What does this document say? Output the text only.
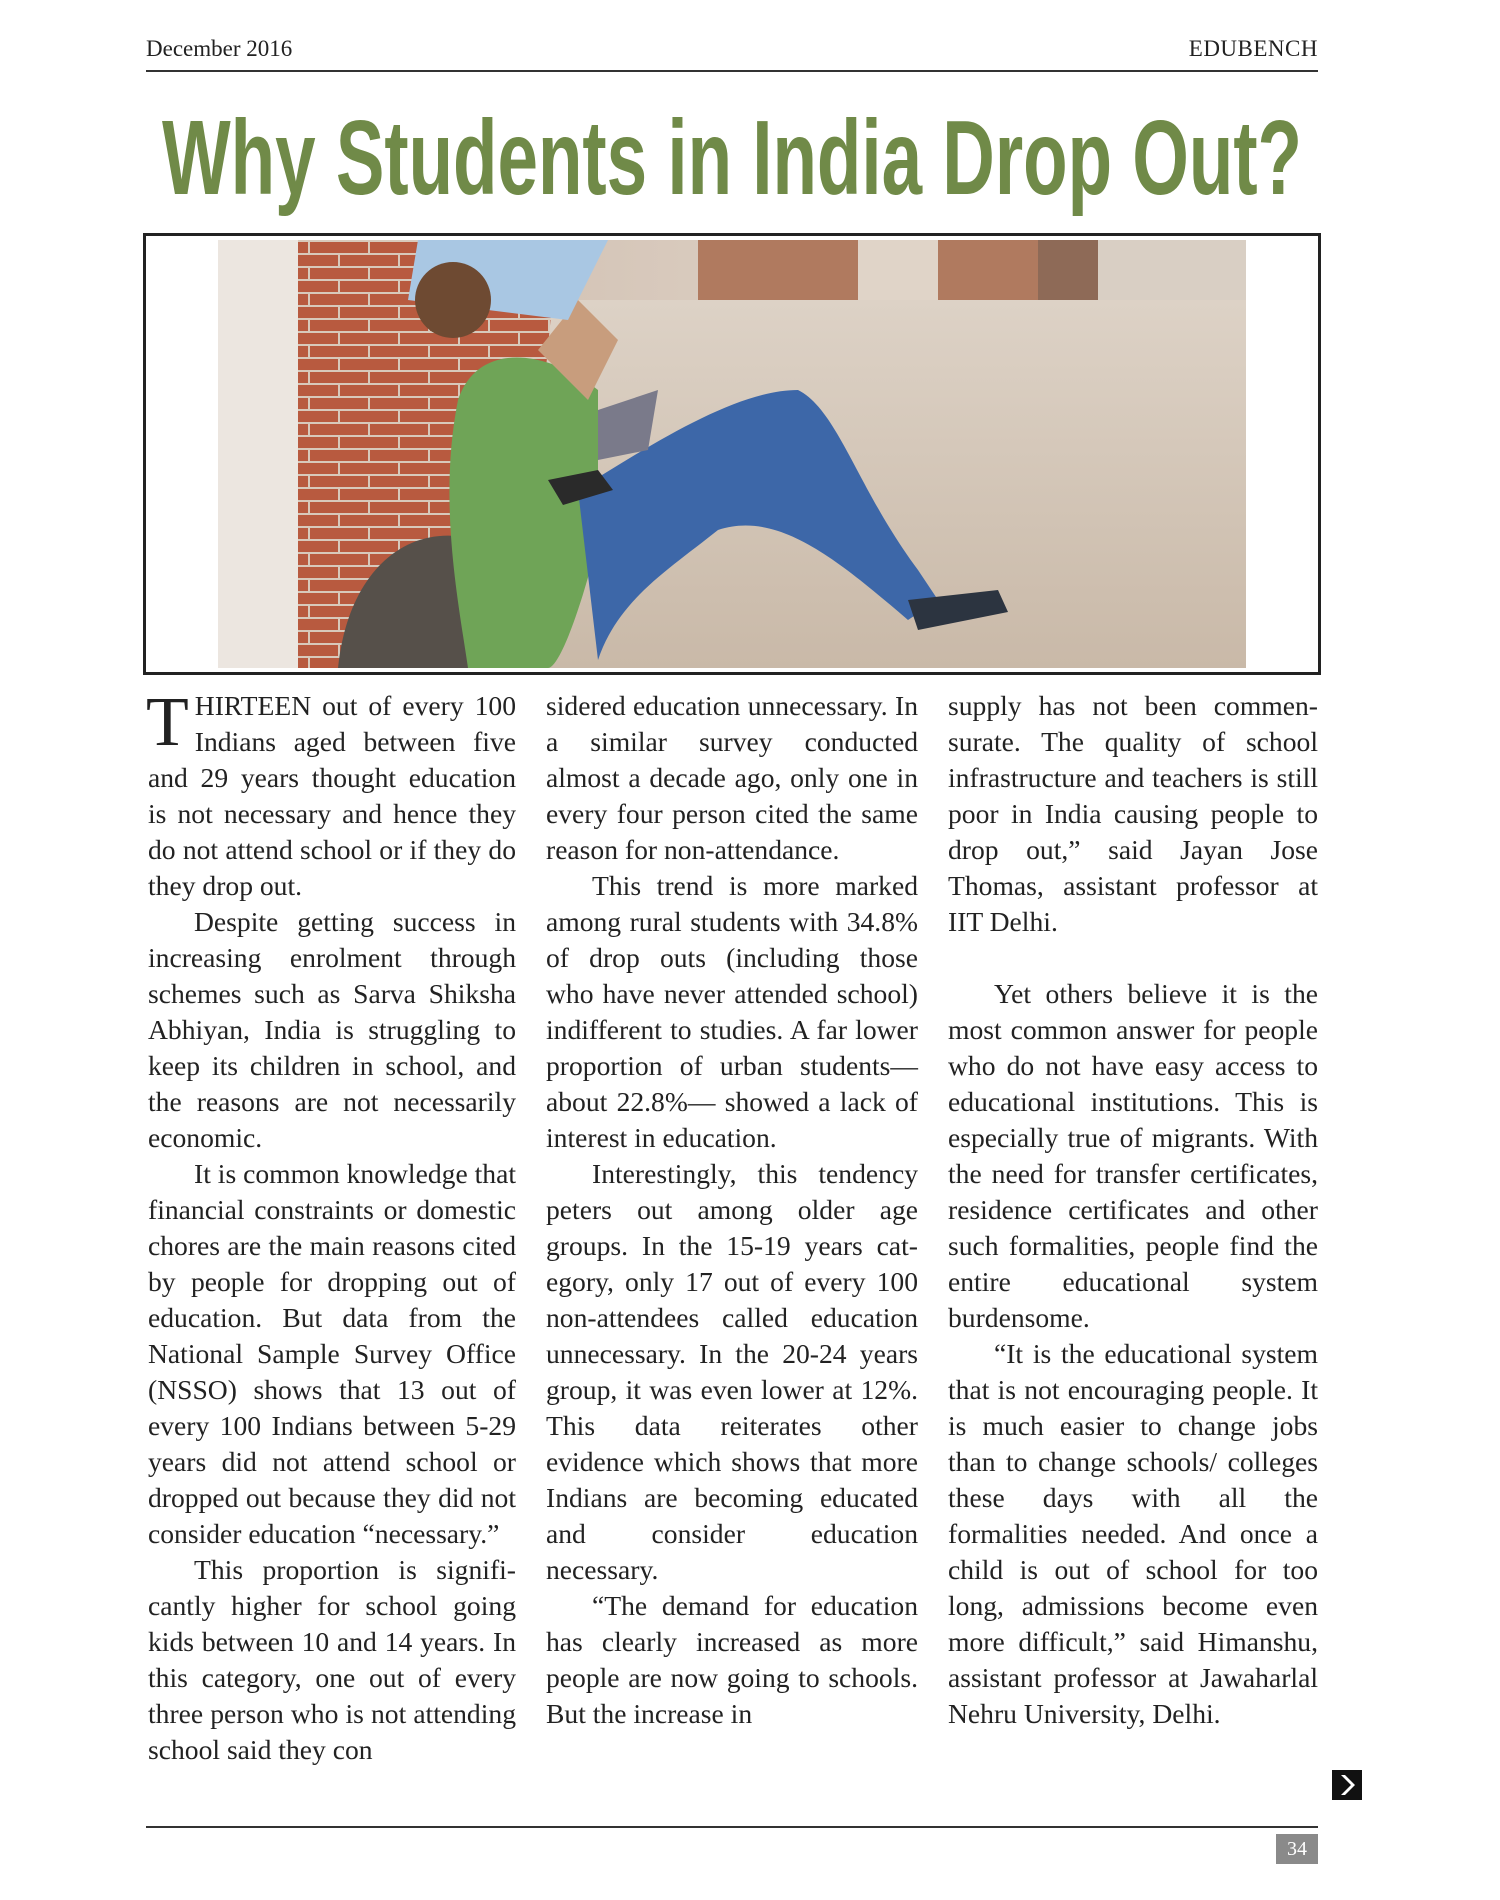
December 2016	EDUBENCH
Why Students in India Drop Out?

THIRTEEN out of every 100 Indians aged between five and 29 years thought education is not necessary and hence they do not attend school or if they do they drop out.

Despite getting success in increasing enrolment through schemes such as Sarva Shiksha Abhiyan, India is struggling to keep its children in school, and the reasons are not necessarily economic.

It is common knowledge that financial constraints or domestic chores are the main reasons cited by people for dropping out of education. But data from the National Sample Survey Office (NSSO) shows that 13 out of every 100 Indians between 5-29 years did not attend school or dropped out because they did not consider education “necessary.”

This proportion is significantly higher for school going kids between 10 and 14 years. In this category, one out of every three person who is not attending school said they con

sidered education unnecessary. In a similar survey conducted almost a decade ago, only one in every four person cited the same reason for non-attendance.

This trend is more marked among rural students with 34.8% of drop outs (including those who have never attended school) indifferent to studies. A far lower proportion of urban students—about 22.8%— showed a lack of interest in education.

Interestingly, this tendency peters out among older age groups. In the 15-19 years category, only 17 out of every 100 non-attendees called education unnecessary. In the 20-24 years group, it was even lower at 12%. This data reiterates other evidence which shows that more Indians are becoming educated and consider education necessary.

“The demand for education has clearly increased as more people are now going to schools. But the increase in

supply has not been commensurate. The quality of school infrastructure and teachers is still poor in India causing people to drop out,” said Jayan Jose Thomas, assistant professor at IIT Delhi.

Yet others believe it is the most common answer for people who do not have easy access to educational institutions. This is especially true of migrants. With the need for transfer certificates, residence certificates and other such formalities, people find the entire educational system burdensome.

“It is the educational system that is not encouraging people. It is much easier to change jobs than to change schools/ colleges these days with all the formalities needed. And once a child is out of school for too long, admissions become even more difficult,” said Himanshu, assistant professor at Jawaharlal Nehru University, Delhi.

34
